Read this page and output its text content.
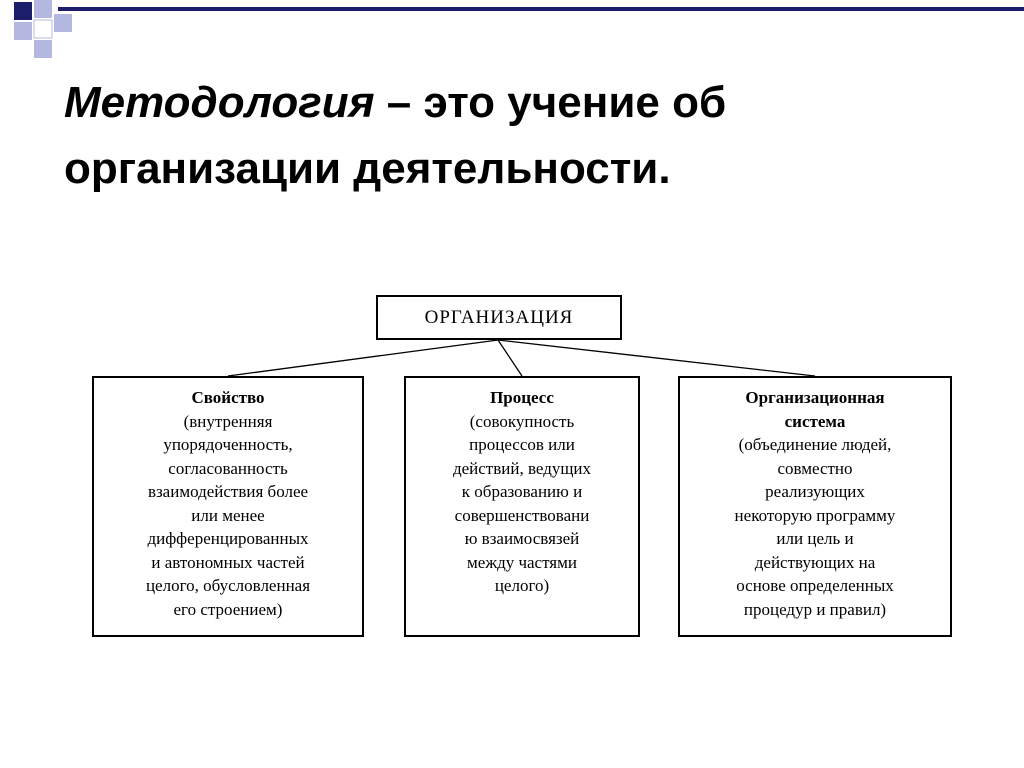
Методология – это учение об
организации деятельности.
ОРГАНИЗАЦИЯ
Свойство
(внутренняя
упорядоченность,
согласованность
взаимодействия более
или менее
дифференцированных
и автономных частей
целого, обусловленная
его строением)
Процесс
(совокупность
процессов или
действий, ведущих
к образованию и
совершенствовани
ю взаимосвязей
между частями
целого)
Организационная
система
(объединение людей,
совместно
реализующих
некоторую программу
или цель и
действующих на
основе определенных
процедур и правил)
